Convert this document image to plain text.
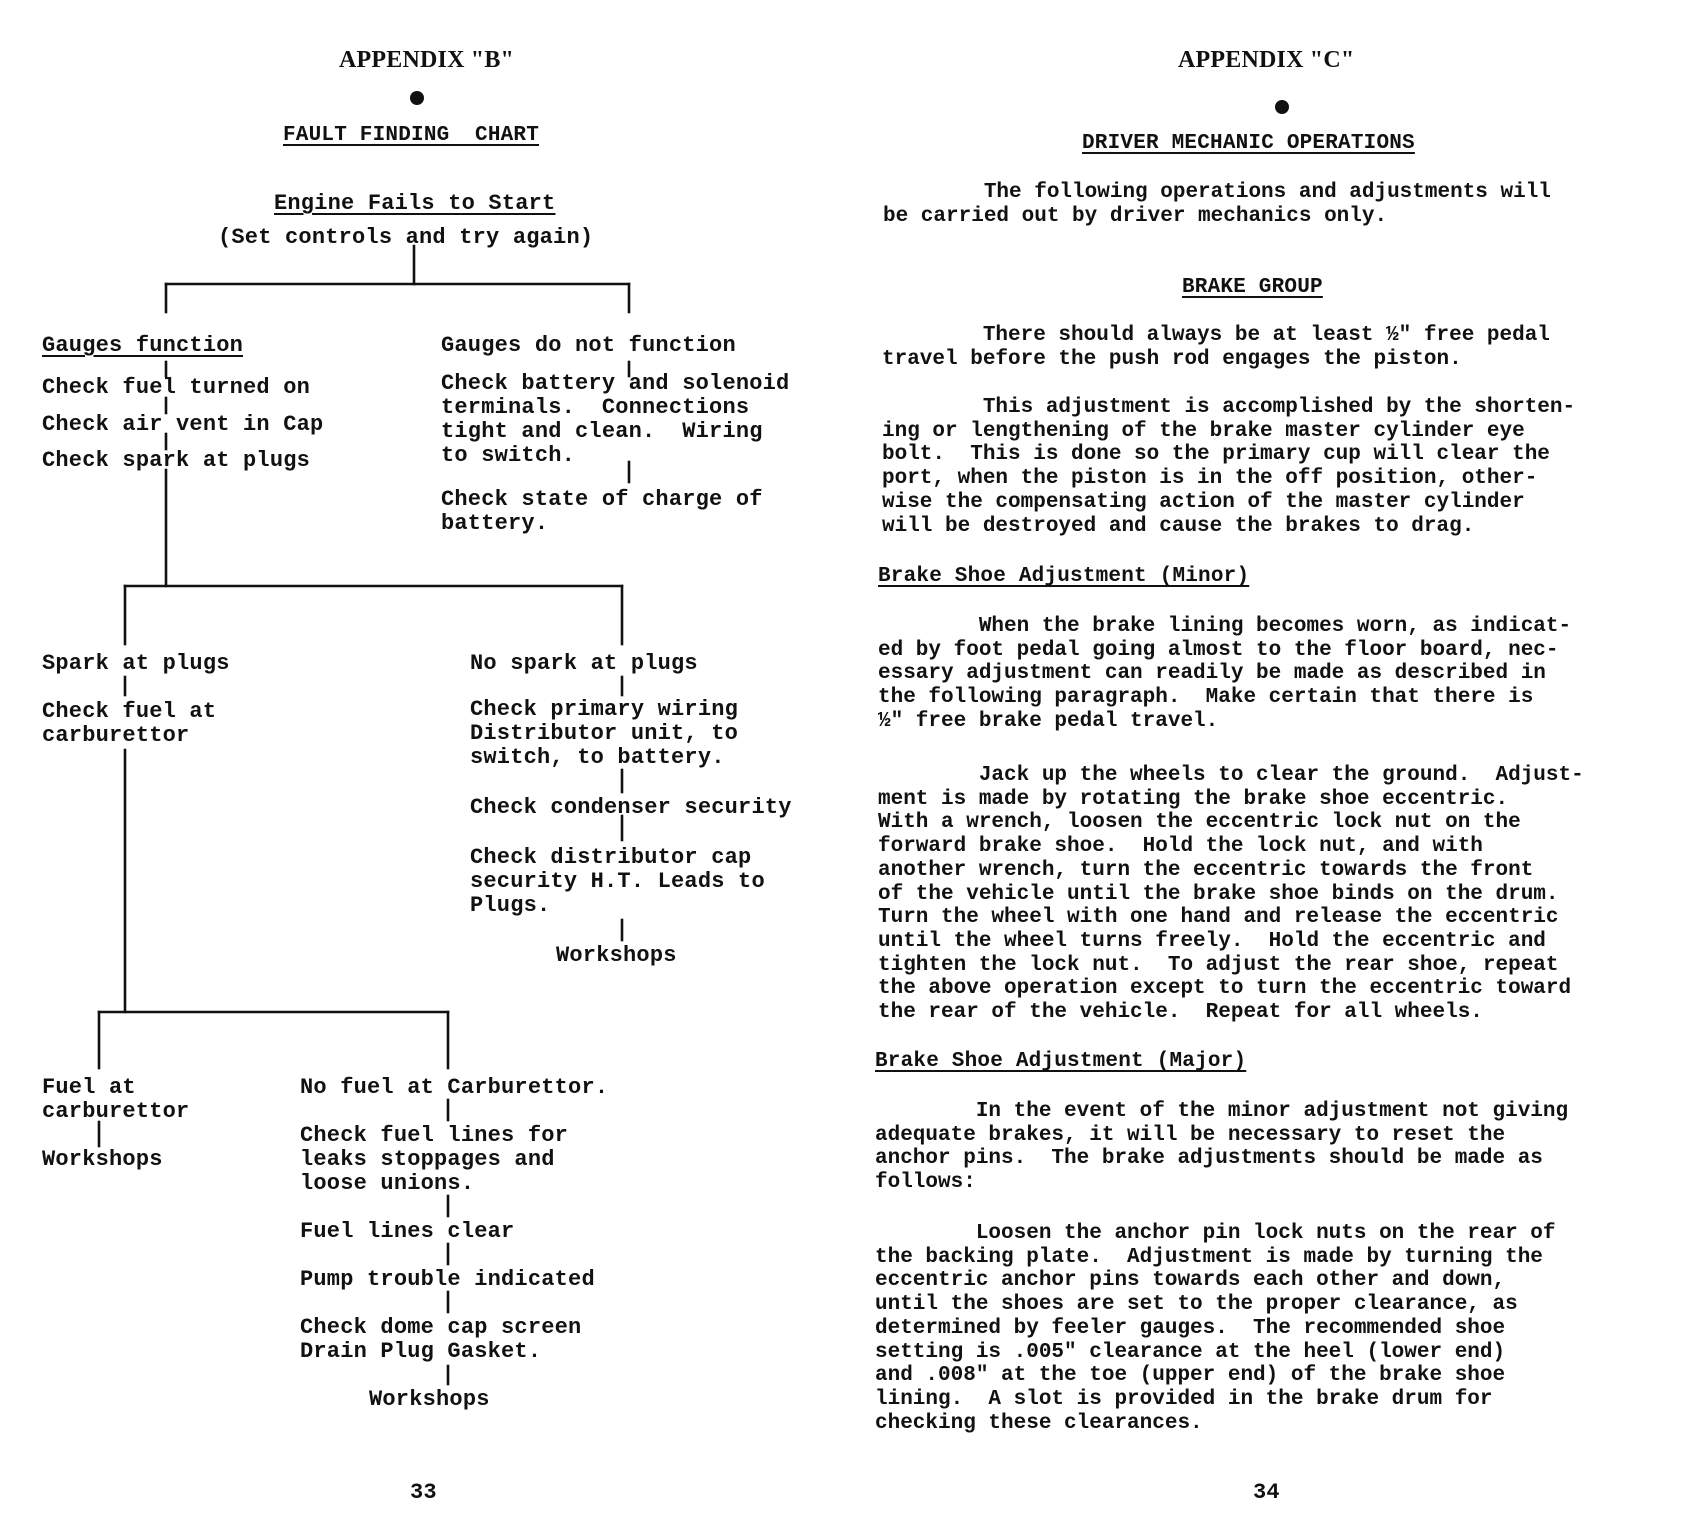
APPENDIX "B"
FAULT FINDING  CHART
Engine Fails to Start
(Set controls and try again)
Gauges function
Check fuel turned on
Check air vent in Cap
Check spark at plugs
Gauges do not function
Check battery and solenoid
terminals.  Connections
tight and clean.  Wiring
to switch.
Check state of charge of
battery.
Spark at plugs
Check fuel at
carburettor
No spark at plugs
Check primary wiring
Distributor unit, to
switch, to battery.
Check condenser security
Check distributor cap
security H.T. Leads to
Plugs.
Workshops
Fuel at
carburettor
Workshops
No fuel at Carburettor.
Check fuel lines for
leaks stoppages and
loose unions.
Fuel lines clear
Pump trouble indicated
Check dome cap screen
Drain Plug Gasket.
Workshops
33
APPENDIX "C"
DRIVER MECHANIC OPERATIONS
The following operations and adjustments will
be carried out by driver mechanics only.
BRAKE GROUP
There should always be at least ½" free pedal
travel before the push rod engages the piston.
This adjustment is accomplished by the shorten-
ing or lengthening of the brake master cylinder eye
bolt.  This is done so the primary cup will clear the
port, when the piston is in the off position, other-
wise the compensating action of the master cylinder
will be destroyed and cause the brakes to drag.
Brake Shoe Adjustment (Minor)
When the brake lining becomes worn, as indicat-
ed by foot pedal going almost to the floor board, nec-
essary adjustment can readily be made as described in
the following paragraph.  Make certain that there is
½" free brake pedal travel.
Jack up the wheels to clear the ground.  Adjust-
ment is made by rotating the brake shoe eccentric.
With a wrench, loosen the eccentric lock nut on the
forward brake shoe.  Hold the lock nut, and with
another wrench, turn the eccentric towards the front
of the vehicle until the brake shoe binds on the drum.
Turn the wheel with one hand and release the eccentric
until the wheel turns freely.  Hold the eccentric and
tighten the lock nut.  To adjust the rear shoe, repeat
the above operation except to turn the eccentric toward
the rear of the vehicle.  Repeat for all wheels.
Brake Shoe Adjustment (Major)
In the event of the minor adjustment not giving
adequate brakes, it will be necessary to reset the
anchor pins.  The brake adjustments should be made as
follows:
Loosen the anchor pin lock nuts on the rear of
the backing plate.  Adjustment is made by turning the
eccentric anchor pins towards each other and down,
until the shoes are set to the proper clearance, as
determined by feeler gauges.  The recommended shoe
setting is .005" clearance at the heel (lower end)
and .008" at the toe (upper end) of the brake shoe
lining.  A slot is provided in the brake drum for
checking these clearances.
34
